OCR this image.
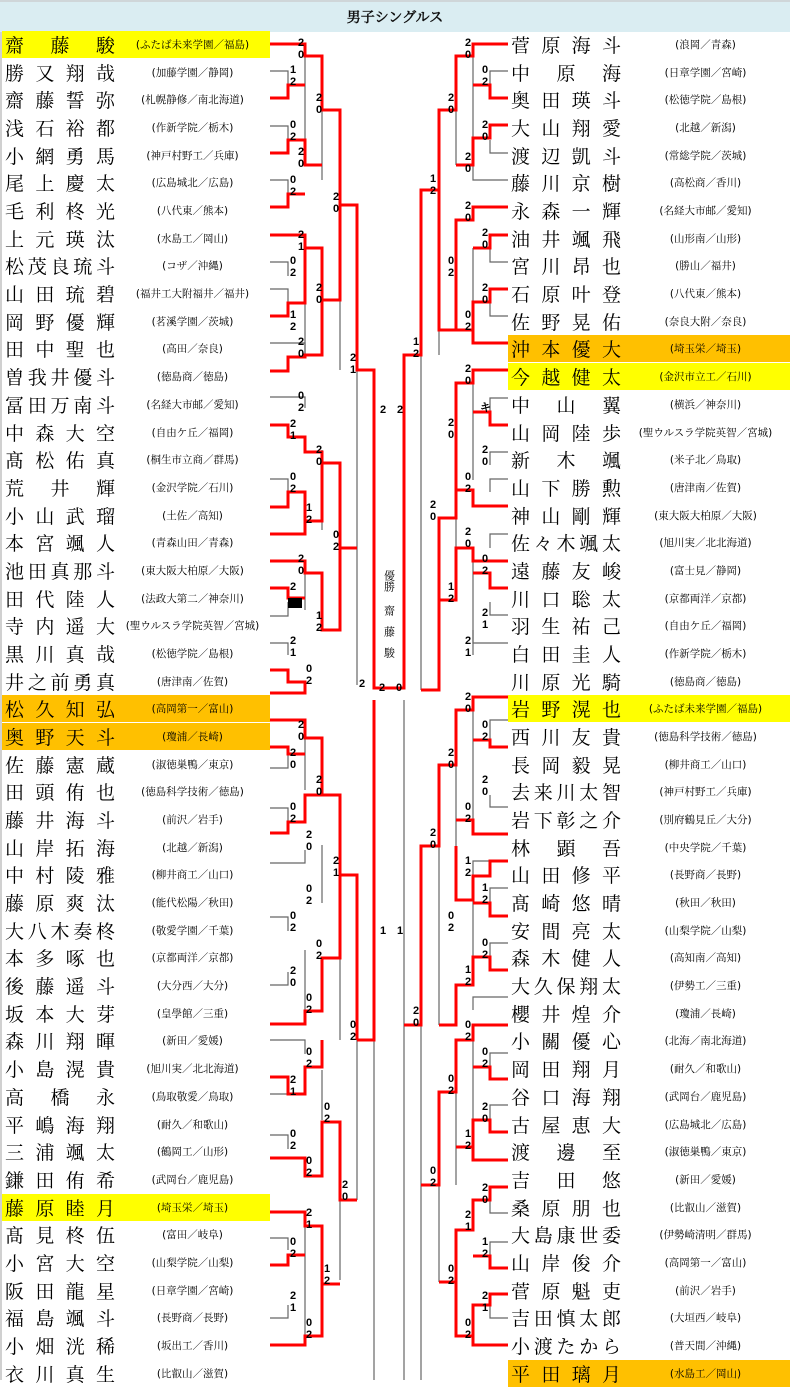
男子シングルス
齋 藤 駿	(ふたば未来学園／福島)
勝 又 翔 哉	(加藤学園／静岡)
齋 藤 誓 弥	(札幌静修／南北海道)
浅 石 裕 都	(作新学院／栃木)
小 網 勇 馬	(神戸村野工／兵庫)
尾 上 慶 太	(広島城北／広島)
毛 利 柊 光	(八代東／熊本)
上 元 瑛 汰	(水島工／岡山)
松 茂 良 琉 斗	(コザ／沖縄)
山 田 琉 碧	(福井工大附福井／福井)
岡 野 優 輝	(茗溪学園／茨城)
田 中 聖 也	(高田／奈良)
曽 我 井 優 斗	(徳島商／徳島)
冨 田 万 南 斗	(名経大市邮／愛知)
中 森 大 空	(自由ケ丘／福岡)
髙 松 佑 真	(桐生市立商／群馬)
荒 井 輝	(金沢学院／石川)
小 山 武 瑠	(土佐／高知)
本 宮 颯 人	(青森山田／青森)
池 田 真 那 斗	(東大阪大柏原／大阪)
田 代 陸 人	(法政大第二／神奈川)
寺 内 遥 大	(聖ウルスラ学院英智／宮城)
黒 川 真 哉	(松徳学院／島根)
井 之 前 勇 真	(唐津南／佐賀)
松 久 知 弘	(高岡第一／富山)
奥 野 天 斗	(瓊浦／長崎)
佐 藤 憲 蔵	(淑徳巣鴨／東京)
田 頭 侑 也	(徳島科学技術／徳島)
藤 井 海 斗	(前沢／岩手)
山 岸 拓 海	(北越／新潟)
中 村 陵 雅	(柳井商工／山口)
藤 原 爽 汰	(能代松陽／秋田)
大 八 木 奏 柊	(敬愛学園／千葉)
本 多 啄 也	(京都両洋／京都)
後 藤 遥 斗	(大分西／大分)
坂 本 大 芽	(皇學館／三重)
森 川 翔 暉	(新田／愛媛)
小 島 滉 貴	(旭川実／北北海道)
高 橋 永	(鳥取敬愛／鳥取)
平 嶋 海 翔	(耐久／和歌山)
三 浦 颯 太	(鶴岡工／山形)
鎌 田 侑 希	(武岡台／鹿児島)
藤 原 睦 月	(埼玉栄／埼玉)
髙 見 柊 伍	(富田／岐阜)
小 宮 大 空	(山梨学院／山梨)
阪 田 龍 星	(日章学園／宮崎)
福 島 颯 斗	(長野商／長野)
小 畑 洸 稀	(坂出工／香川)
衣 川 真 生	(比叡山／滋賀)
菅 原 海 斗	(浪岡／青森)
中 原 海	(日章学園／宮崎)
奥 田 瑛 斗	(松徳学院／島根)
大 山 翔 愛	(北越／新潟)
渡 辺 凱 斗	(常総学院／茨城)
藤 川 京 樹	(高松商／香川)
永 森 一 輝	(名経大市邮／愛知)
油 井 颯 飛	(山形南／山形)
宮 川 昂 也	(勝山／福井)
石 原 叶 登	(八代東／熊本)
佐 野 晃 佑	(奈良大附／奈良)
沖 本 優 大	(埼玉栄／埼玉)
今 越 健 太	(金沢市立工／石川)
中 山 翼	(横浜／神奈川)
山 岡 陸 歩	(聖ウルスラ学院英智／宮城)
新 木 颯	(米子北／鳥取)
山 下 勝 勲	(唐津南／佐賀)
神 山 剛 輝	(東大阪大柏原／大阪)
佐 々 木 颯 太	(旭川実／北北海道)
遠 藤 友 峻	(富士見／静岡)
川 口 聡 太	(京都両洋／京都)
羽 生 祐 己	(自由ケ丘／福岡)
白 田 圭 人	(作新学院／栃木)
川 原 光 騎	(徳島商／徳島)
岩 野 滉 也	(ふたば未来学園／福島)
西 川 友 貴	(徳島科学技術／徳島)
長 岡 毅 晃	(柳井商工／山口)
去 来 川 太 智	(神戸村野工／兵庫)
岩 下 彰 之 介	(別府鶴見丘／大分)
林 顕 吾	(中央学院／千葉)
山 田 修 平	(長野商／長野)
髙 崎 悠 晴	(秋田／秋田)
安 間 亮 太	(山梨学院／山梨)
森 木 健 人	(高知南／高知)
大 久 保 翔 太	(伊勢工／三重)
櫻 井 煌 介	(瓊浦／長崎)
小 關 優 心	(北海／南北海道)
岡 田 翔 月	(耐久／和歌山)
谷 口 海 翔	(武岡台／鹿児島)
古 屋 恵 大	(広島城北／広島)
渡 邊 至	(淑徳巣鴨／東京)
吉 田 悠	(新田／愛媛)
桑 原 朋 也	(比叡山／滋賀)
大 島 康 世 委	(伊勢崎清明／群馬)
山 岸 俊 介	(高岡第一／富山)
菅 原 魁 吏	(前沢／岩手)
吉 田 慎 太 郎	(大垣西／岐阜)
小 渡 た か ら	(普天間／沖縄)
平 田 璃 月	(水島工／岡山)
2
0
1
2
2
0
0
2
2
0
0
2	2
0
2
1
0
2
2
0
1
2
2
0	2
1
0
2
2
1
2
0
0
2
1
2
0
2
2
0
2
1
2
2
1
0
2	2
2
0
2
0
2
0
0
2
2
0
2
1
0
2
0
2
0
2
2
0
0
2
0
2
0
2
2
1
0
2
0
2
0
2
2
0
2
1
0
2
1
2
2
1
0
2
2
0
0
2
2
0
2
0
2
0
1
2
2
0
2
0
0
2
2
0
0
2
1
2
2
0
キ
2
0
2
0
0
2
2
0
2
0
0
2
1
2
2
1
2
1
2
0
0
2
2
0
2
0
0
2
2
0
1
2
1
2
0
2
0
2
1
2
2
0	0
2
0
2
0
2
2
0
1
2
0
2	2
0
2
1
1
2
0
2
2
1
0
2
2 2
1 1
優勝
齋藤駿
2 0
